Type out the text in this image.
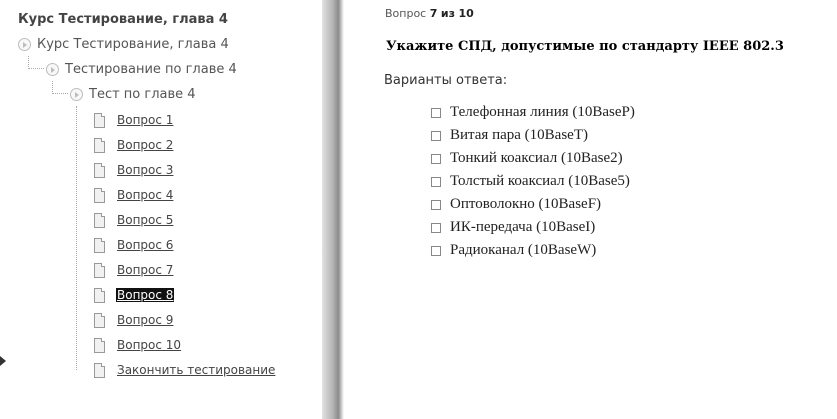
Курс Тестирование, глава 4
Курс Тестирование, глава 4
Тестирование по главе 4
Тест по главе 4
Вопрос 1
Вопрос 2
Вопрос 3
Вопрос 4
Вопрос 5
Вопрос 6
Вопрос 7
Вопрос 8
Вопрос 9
Вопрос 10
Закончить тестирование
Вопрос 7 из 10
Укажите СПД, допустимые по стандарту IEEE 802.3
Варианты ответа:
Телефонная линия (10BaseP)
Витая пара (10BaseT)
Тонкий коаксиал (10Base2)
Толстый коаксиал (10Base5)
Оптоволокно (10BaseF)
ИК-передача (10BaseI)
Радиоканал (10BaseW)
